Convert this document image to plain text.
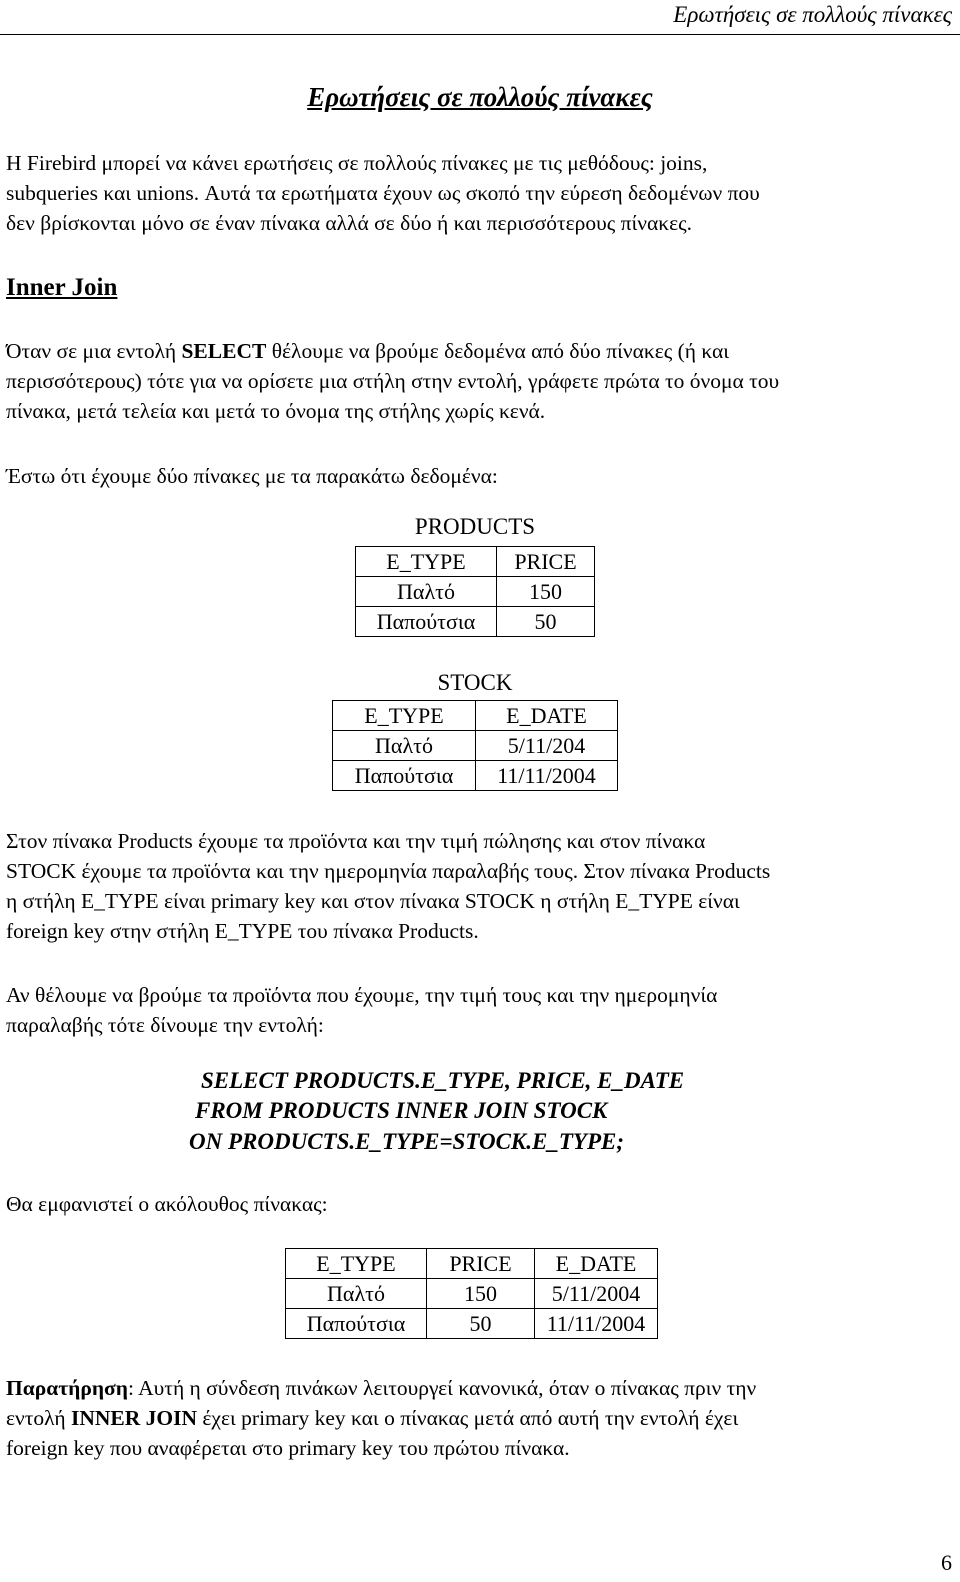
Ερωτήσεις σε πολλούς πίνακες
Ερωτήσεις σε πολλούς πίνακες
Η Firebird μπορεί να κάνει ερωτήσεις σε πολλούς πίνακες με τις μεθόδους: joins,
subqueries και unions. Αυτά τα ερωτήματα έχουν ως σκοπό την εύρεση δεδομένων που
δεν βρίσκονται μόνο σε έναν πίνακα αλλά σε δύο ή και περισσότερους πίνακες.
Inner Join
Όταν σε μια εντολή SELECT θέλουμε να βρούμε δεδομένα από δύο πίνακες (ή και
περισσότερους) τότε για να ορίσετε μια στήλη στην εντολή, γράφετε πρώτα το όνομα του
πίνακα, μετά τελεία και μετά το όνομα της στήλης χωρίς κενά.
Έστω ότι έχουμε δύο πίνακες με τα παρακάτω δεδομένα:
PRODUCTS
E_TYPE	PRICE
Παλτό	150
Παπούτσια	50
STOCK
E_TYPE	E_DATE
Παλτό	5/11/204
Παπούτσια	11/11/2004
Στον πίνακα Products έχουμε τα προϊόντα και την τιμή πώλησης και στον πίνακα
STOCK έχουμε τα προϊόντα και την ημερομηνία παραλαβής τους. Στον πίνακα Products
η στήλη E_TYPE είναι primary key και στον πίνακα STOCK η στήλη E_TYPE είναι
foreign key στην στήλη E_TYPE του πίνακα Products.
Αν θέλουμε να βρούμε τα προϊόντα που έχουμε, την τιμή τους και την ημερομηνία
παραλαβής τότε δίνουμε την εντολή:
SELECT PRODUCTS.E_TYPE, PRICE, E_DATE
FROM PRODUCTS INNER JOIN STOCK
ON PRODUCTS.E_TYPE=STOCK.E_TYPE;
Θα εμφανιστεί ο ακόλουθος πίνακας:
E_TYPE	PRICE	E_DATE
Παλτό	150	5/11/2004
Παπούτσια	50	11/11/2004
Παρατήρηση: Αυτή η σύνδεση πινάκων λειτουργεί κανονικά, όταν ο πίνακας πριν την
εντολή INNER JOIN έχει primary key και ο πίνακας μετά από αυτή την εντολή έχει
foreign key που αναφέρεται στο primary key του πρώτου πίνακα.
6
